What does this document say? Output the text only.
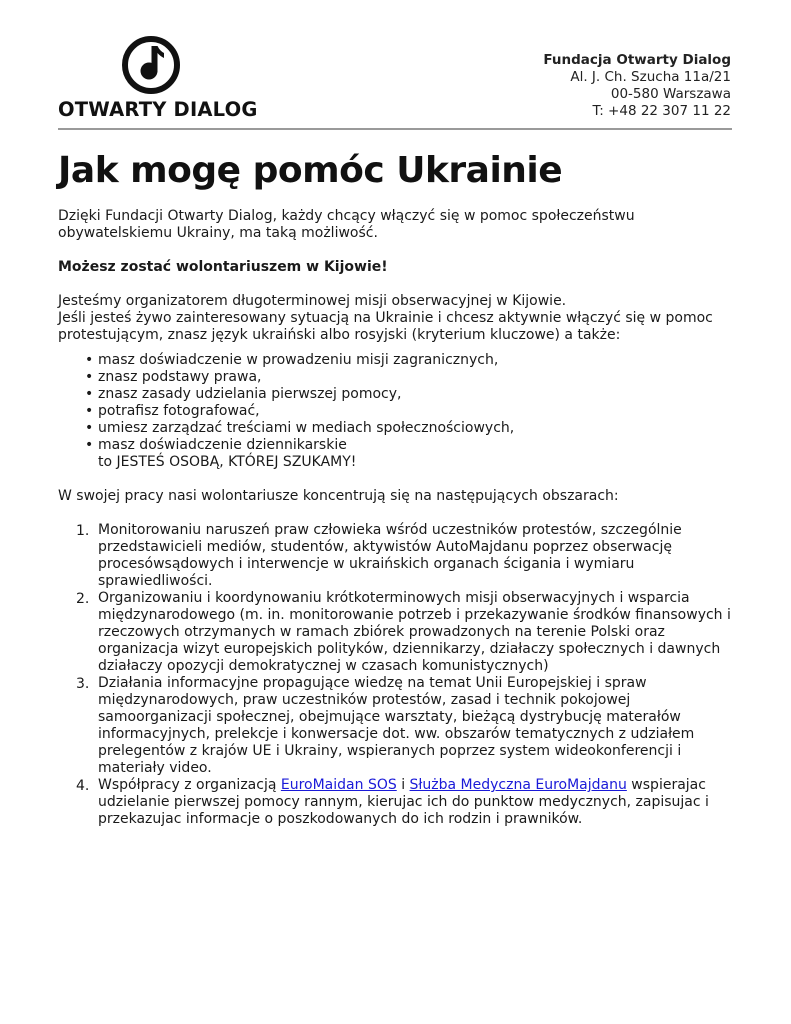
OTWARTY DIALOG
Fundacja Otwarty Dialog
Al. J. Ch. Szucha 11a/21
00-580 Warszawa
T: +48 22 307 11 22
Jak mogę pomóc Ukrainie

Dzięki Fundacji Otwarty Dialog, każdy chcący włączyć się w pomoc społeczeństwu obywatelskiemu Ukrainy, ma taką możliwość.

Możesz zostać wolontariuszem w Kijowie!

Jesteśmy organizatorem długoterminowej misji obserwacyjnej w Kijowie.

Jeśli jesteś żywo zainteresowany sytuacją na Ukrainie i chcesz aktywnie włączyć się w pomoc protestującym, znasz język ukraiński albo rosyjski (kryterium kluczowe) a także:

• masz doświadczenie w prowadzeniu misji zagranicznych,
• znasz podstawy prawa,
• znasz zasady udzielania pierwszej pomocy,
• potrafisz fotografować,
• umiesz zarządzać treściami w mediach społecznościowych,
• masz doświadczenie dziennikarskie
to JESTEŚ OSOBĄ, KTÓREJ SZUKAMY!

W swojej pracy nasi wolontariusze koncentrują się na następujących obszarach:

1. Monitorowaniu naruszeń praw człowieka wśród uczestników protestów, szczególnie przedstawicieli mediów, studentów, aktywistów AutoMajdanu poprzez obserwację procesówsądowych i interwencje w ukraińskich organach ścigania i wymiaru sprawiedliwości.
2. Organizowaniu i koordynowaniu krótkoterminowych misji obserwacyjnych i wsparcia międzynarodowego (m. in. monitorowanie potrzeb i przekazywanie środków finansowych i rzeczowych otrzymanych w ramach zbiórek prowadzonych na terenie Polski oraz organizacja wizyt europejskich polityków, dziennikarzy, działaczy społecznych i dawnych działaczy opozycji demokratycznej w czasach komunistycznych)
3. Działania informacyjne propagujące wiedzę na temat Unii Europejskiej i spraw międzynarodowych, praw uczestników protestów, zasad i technik pokojowej samoorganizacji społecznej, obejmujące warsztaty, bieżącą dystrybucję materałów informacyjnych, prelekcje i konwersacje dot. ww. obszarów tematycznych z udziałem prelegentów z krajów UE i Ukrainy, wspieranych poprzez system wideokonferencji i materiały video.
4. Współpracy z organizacją EuroMaidan SOS i Służba Medyczna EuroMajdanu wspierajac udzielanie pierwszej pomocy rannym, kierujac ich do punktow medycznych, zapisujac i przekazujac informacje o poszkodowanych do ich rodzin i prawników.
